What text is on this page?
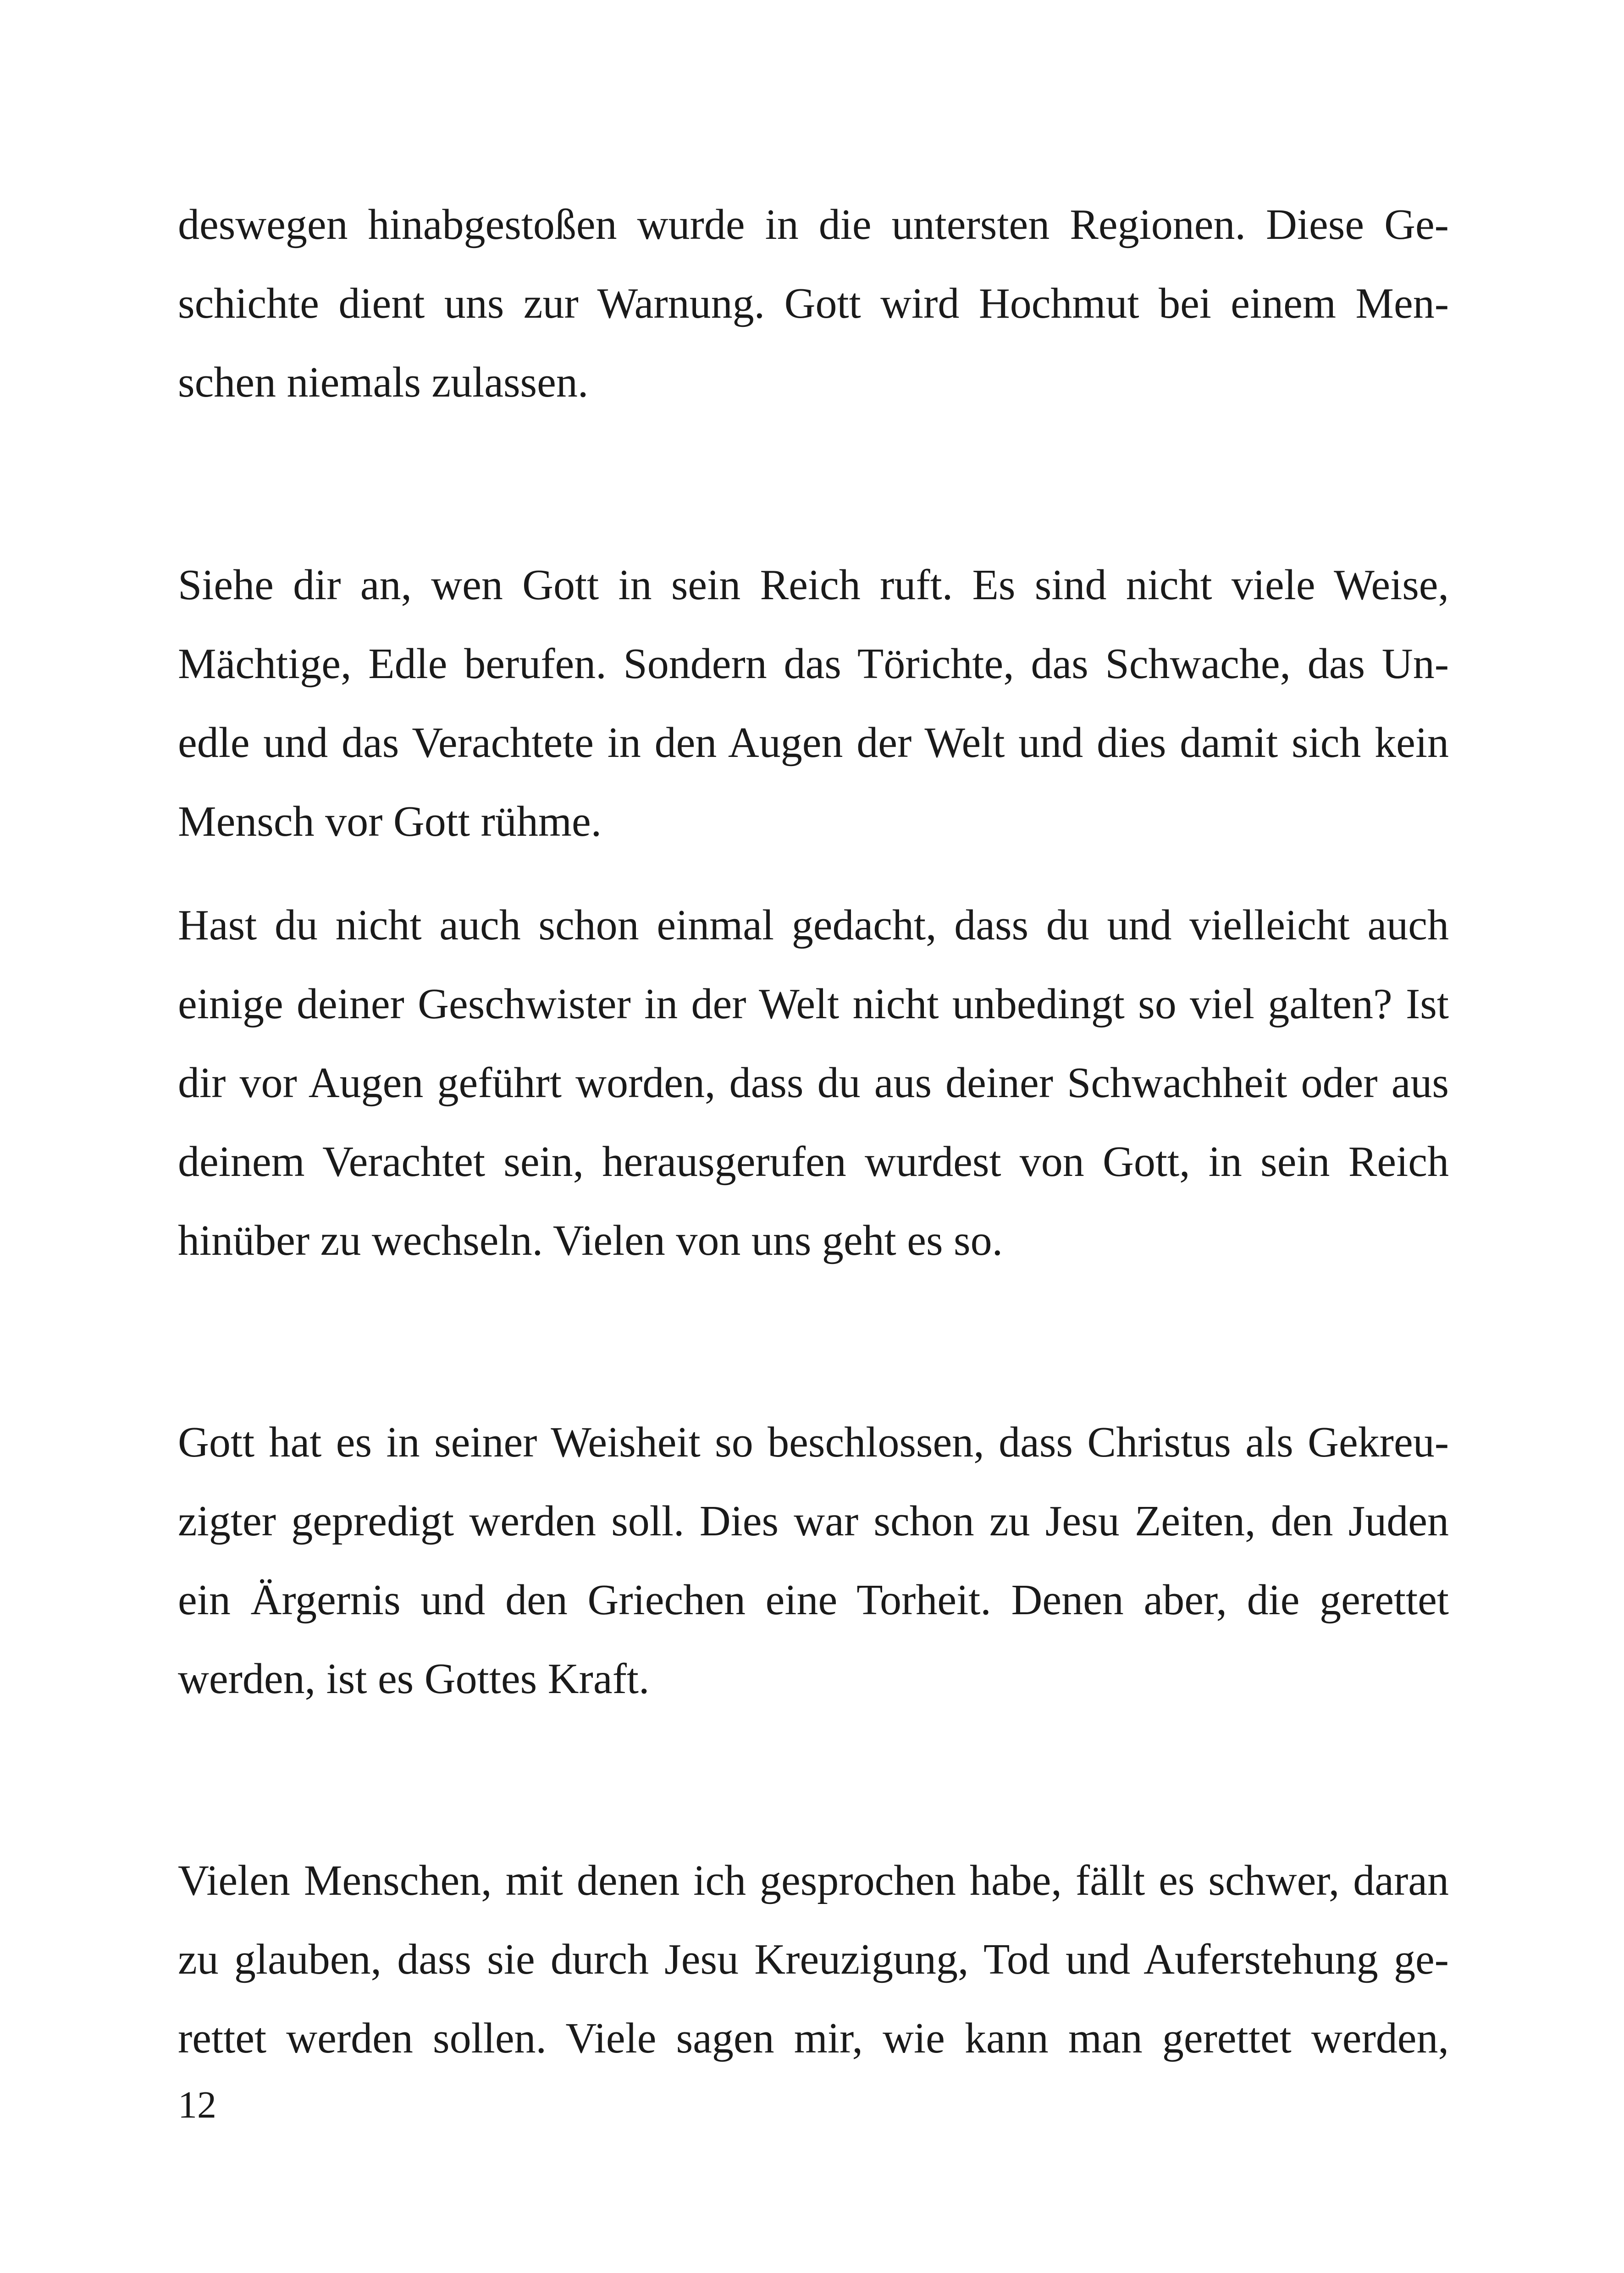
deswegen hinabgestoßen wurde in die untersten Regionen. Diese Ge-
schichte dient uns zur Warnung. Gott wird Hochmut bei einem Men-
schen niemals zulassen.
Siehe dir an, wen Gott in sein Reich ruft. Es sind nicht viele Weise,
Mächtige, Edle berufen. Sondern das Törichte, das Schwache, das Un-
edle und das Verachtete in den Augen der Welt und dies damit sich kein
Mensch vor Gott rühme.
Hast du nicht auch schon einmal gedacht, dass du und vielleicht auch
einige deiner Geschwister in der Welt nicht unbedingt so viel galten? Ist
dir vor Augen geführt worden, dass du aus deiner Schwachheit oder aus
deinem Verachtet sein, herausgerufen wurdest von Gott, in sein Reich
hinüber zu wechseln. Vielen von uns geht es so.
Gott hat es in seiner Weisheit so beschlossen, dass Christus als Gekreu-
zigter gepredigt werden soll. Dies war schon zu Jesu Zeiten, den Juden
ein Ärgernis und den Griechen eine Torheit. Denen aber, die gerettet
werden, ist es Gottes Kraft.
Vielen Menschen, mit denen ich gesprochen habe, fällt es schwer, daran
zu glauben, dass sie durch Jesu Kreuzigung, Tod und Auferstehung ge-
rettet werden sollen. Viele sagen mir, wie kann man gerettet werden,
12
